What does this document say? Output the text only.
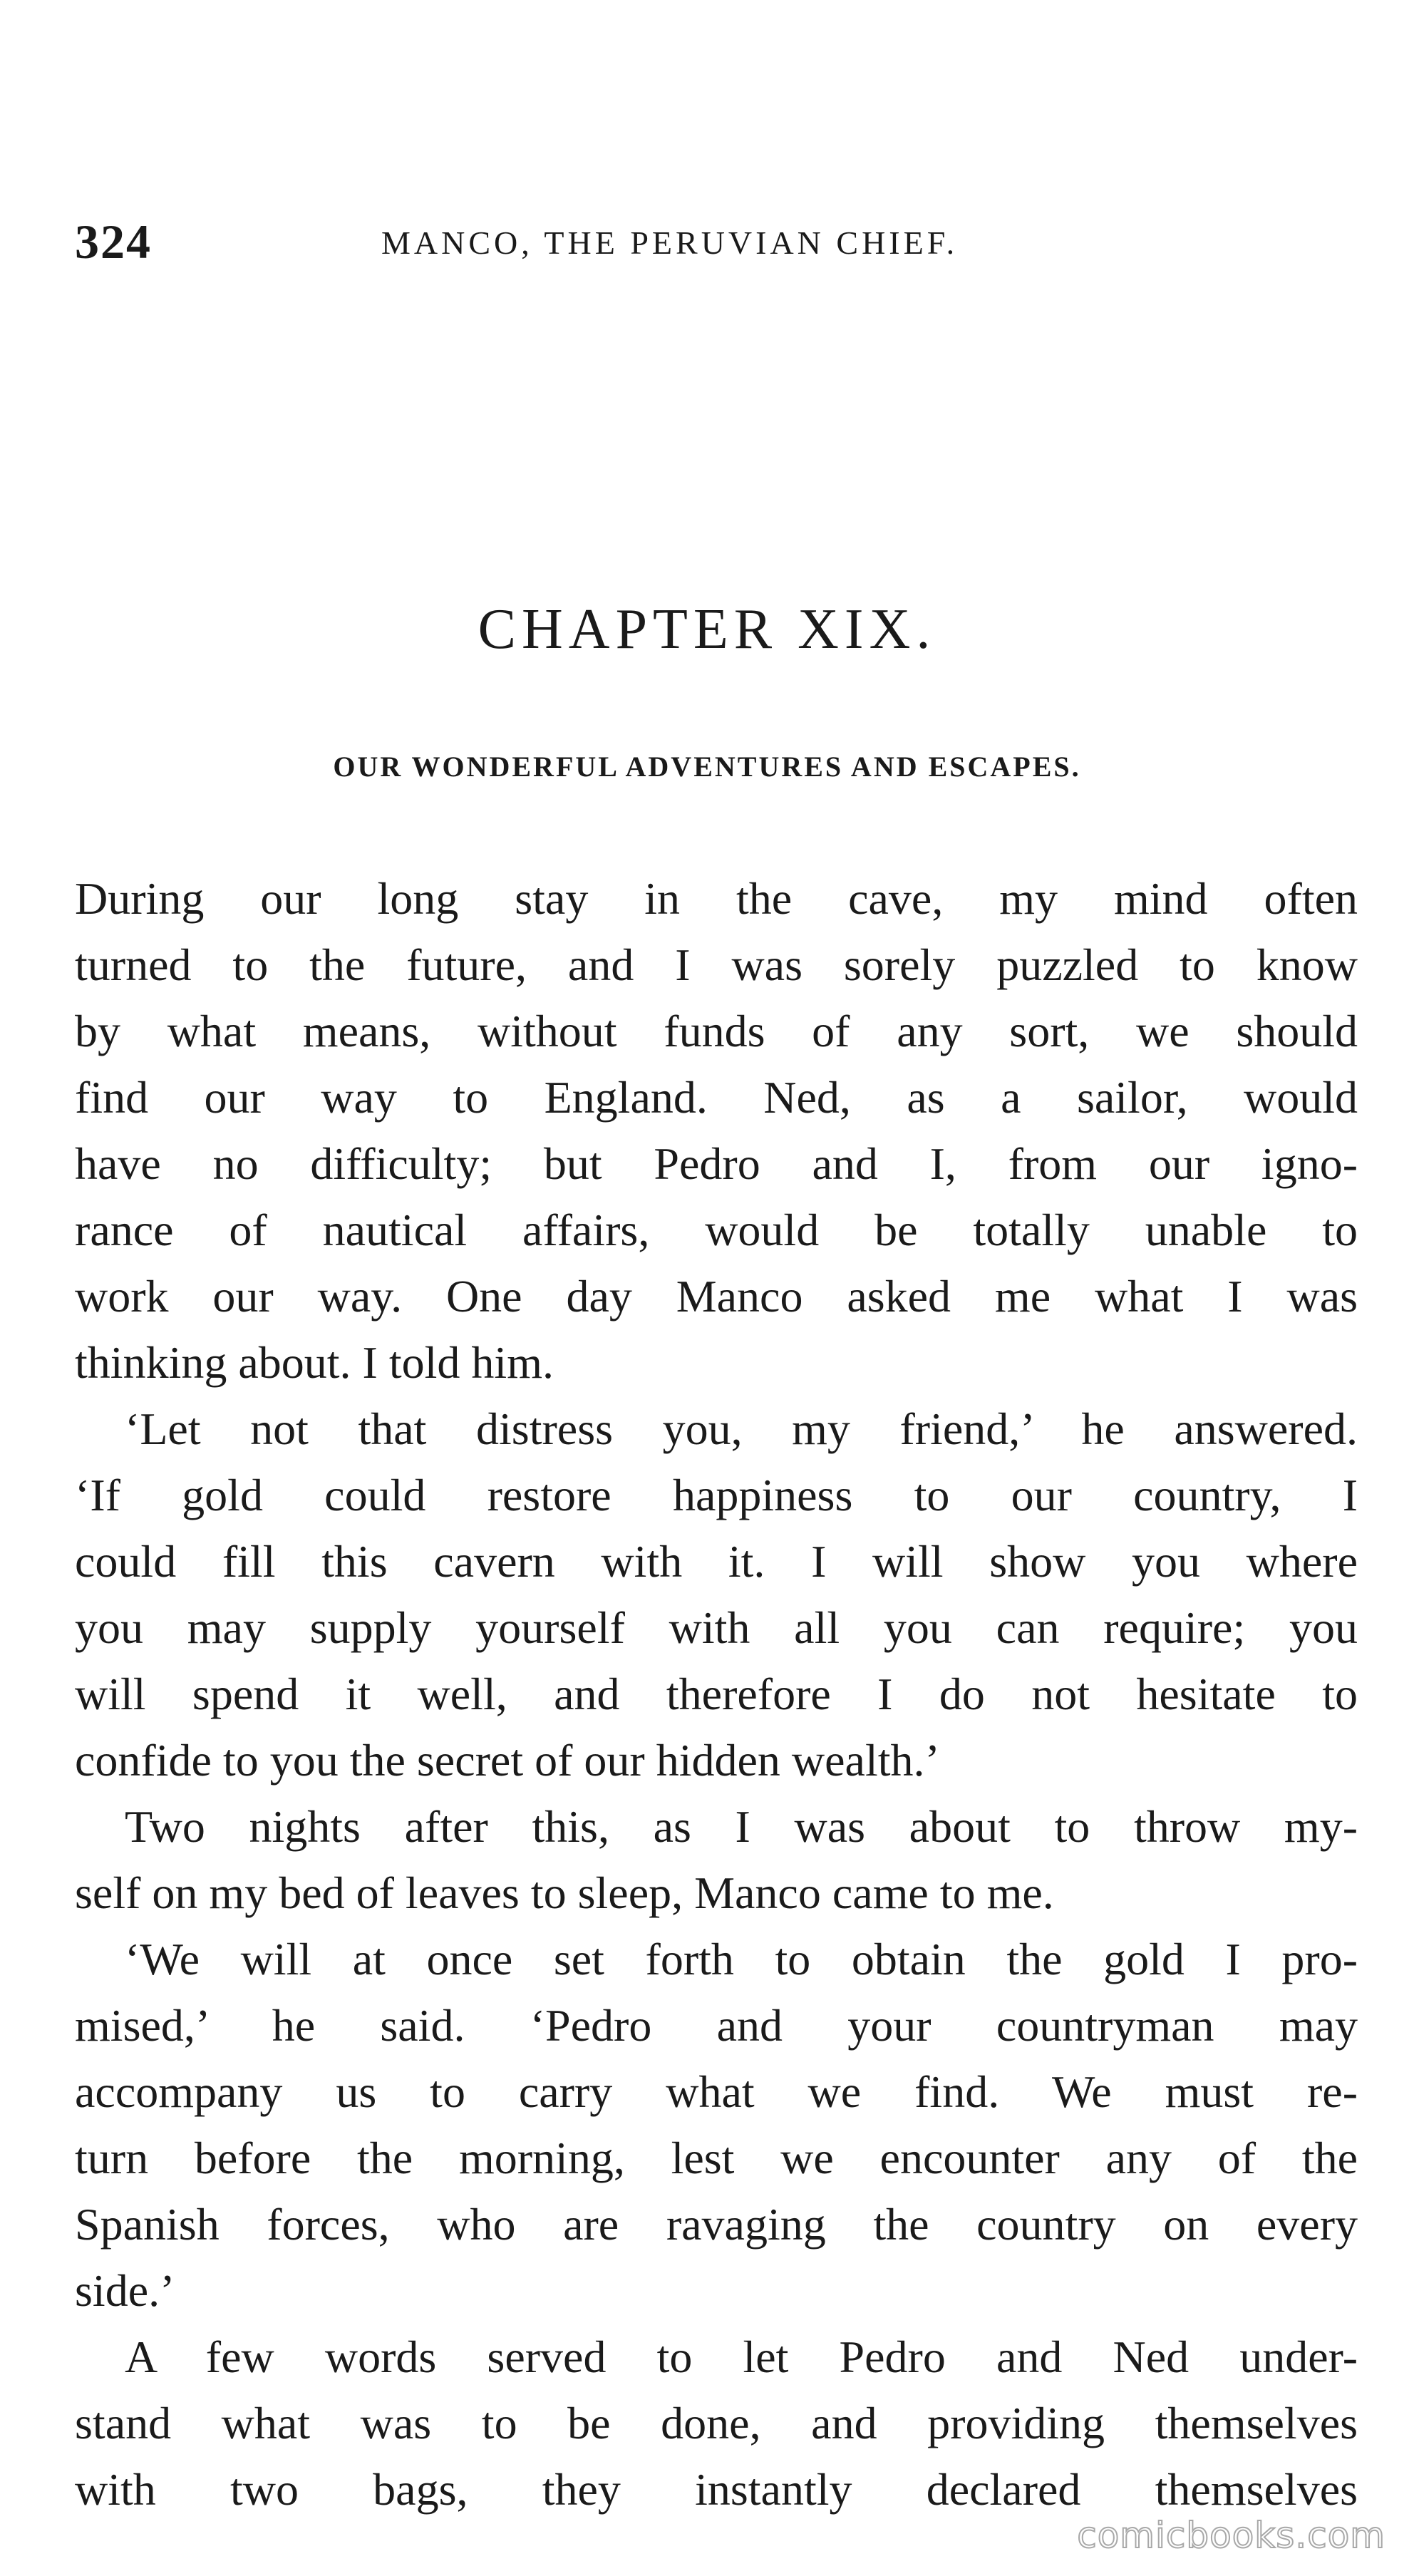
324	MANCO, THE PERUVIAN CHIEF.
CHAPTER XIX.
OUR WONDERFUL ADVENTURES AND ESCAPES.
During our long stay in the cave, my mind often
turned to the future, and I was sorely puzzled to know
by what means, without funds of any sort, we should
find our way to England. Ned, as a sailor, would
have no difficulty; but Pedro and I, from our igno-
rance of nautical affairs, would be totally unable to
work our way. One day Manco asked me what I was
thinking about. I told him.
‘Let not that distress you, my friend,’ he answered.
‘If gold could restore happiness to our country, I
could fill this cavern with it. I will show you where
you may supply yourself with all you can require; you
will spend it well, and therefore I do not hesitate to
confide to you the secret of our hidden wealth.’
Two nights after this, as I was about to throw my-
self on my bed of leaves to sleep, Manco came to me.
‘We will at once set forth to obtain the gold I pro-
mised,’ he said. ‘Pedro and your countryman may
accompany us to carry what we find. We must re-
turn before the morning, lest we encounter any of the
Spanish forces, who are ravaging the country on every
side.’
A few words served to let Pedro and Ned under-
stand what was to be done, and providing themselves
with two bags, they instantly declared themselves
comicbooks.com
